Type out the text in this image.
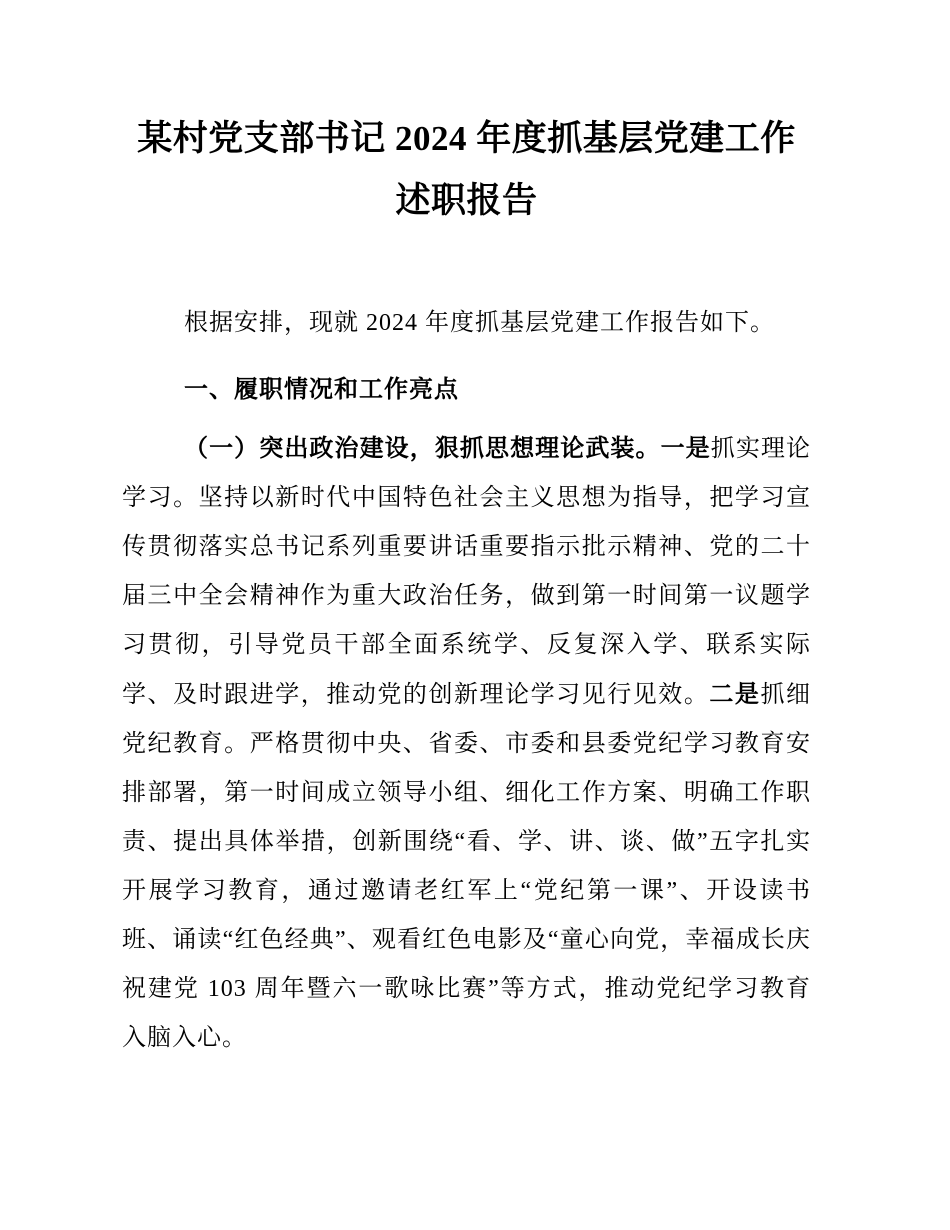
某村党支部书记 2024 年度抓基层党建工作述职报告

根据安排，现就 2024 年度抓基层党建工作报告如下。

一、履职情况和工作亮点

（一）突出政治建设，狠抓思想理论武装。一是抓实理论学习。坚持以新时代中国特色社会主义思想为指导，把学习宣传贯彻落实总书记系列重要讲话重要指示批示精神、党的二十届三中全会精神作为重大政治任务，做到第一时间第一议题学习贯彻，引导党员干部全面系统学、反复深入学、联系实际学、及时跟进学，推动党的创新理论学习见行见效。二是抓细党纪教育。严格贯彻中央、省委、市委和县委党纪学习教育安排部署，第一时间成立领导小组、细化工作方案、明确工作职责、提出具体举措，创新围绕“看、学、讲、谈、做”五字扎实开展学习教育，通过邀请老红军上“党纪第一课”、开设读书班、诵读“红色经典”、观看红色电影及“童心向党，幸福成长庆祝建党 103 周年暨六一歌咏比赛”等方式，推动党纪学习教育入脑入心。
